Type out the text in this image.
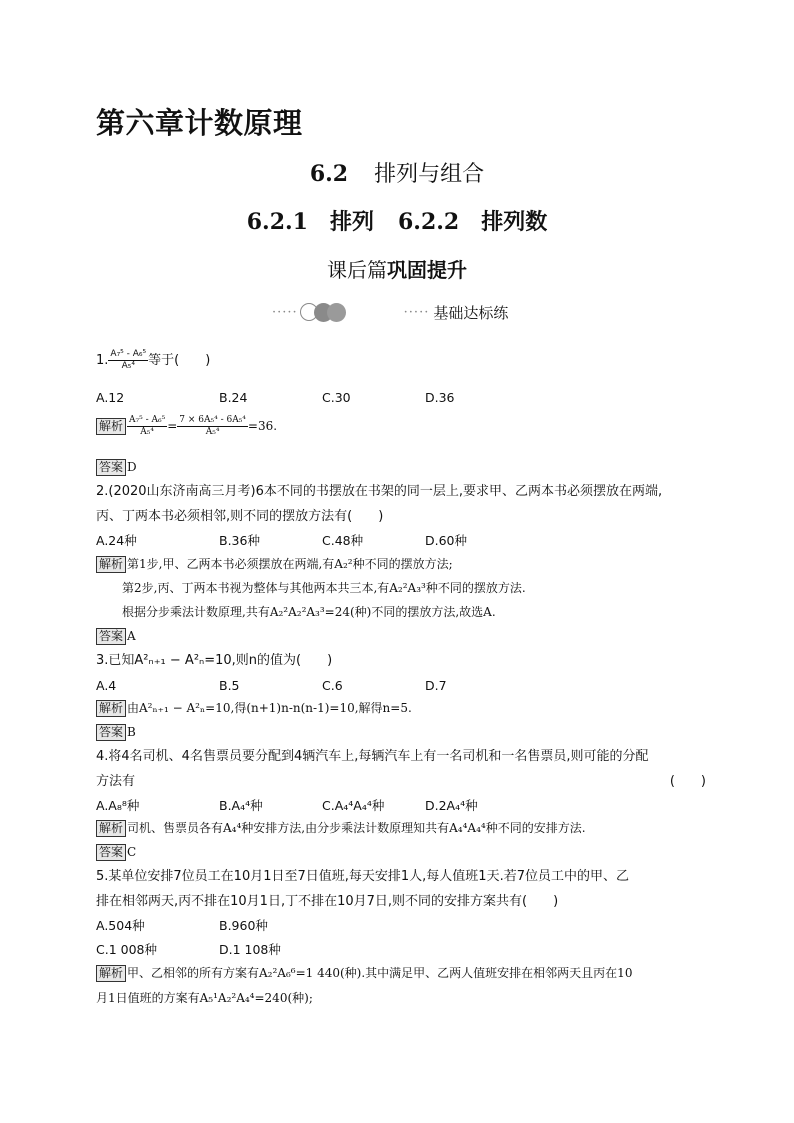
第六章计数原理
6.2 排列与组合
6.2.1　排列 6.2.2　排列数
课后篇巩固提升
·····	····· 基础达标练
1. $\frac{\text{A₇⁵ - A₆⁵}}{\text{A₅⁴}}$ 等于(　　)
A.12	B.24	C.30	D.36
解析 $\frac{\text{A₇⁵ - A₆⁵}}{\text{A₅⁴}} = \frac{\text{7 × 6A₅⁴ - 6A₅⁴}}{\text{A₅⁴}} =36$.
答案 D
2.(2020山东济南高三月考)6本不同的书摆放在书架的同一层上,要求甲、乙两本书必须摆放在两端,
丙、丁两本书必须相邻,则不同的摆放方法有(　　)
A.24种	B.36种	C.48种	D.60种
解析 第1步,甲、乙两本书必须摆放在两端,有A₂²种不同的摆放方法;
第2步,丙、丁两本书视为整体与其他两本共三本,有A₂²A₃³种不同的摆放方法.
根据分步乘法计数原理,共有A₂²A₂²A₃³=24(种)不同的摆放方法,故选A.
答案 A
3.已知A²ₙ₊₁ − A²ₙ=10,则n的值为(　　)
A.4	B.5	C.6	D.7
解析 由A²ₙ₊₁ − A²ₙ=10,得(n+1)n-n(n-1)=10,解得n=5.
答案 B
4.将4名司机、4名售票员要分配到4辆汽车上,每辆汽车上有一名司机和一名售票员,则可能的分配
方法有	(　　)
A.A₈⁸种	B.A₄⁴种	C.A₄⁴A₄⁴种	D.2A₄⁴种
解析 司机、售票员各有A₄⁴种安排方法,由分步乘法计数原理知共有A₄⁴A₄⁴种不同的安排方法.
答案 C
5.某单位安排7位员工在10月1日至7日值班,每天安排1人,每人值班1天.若7位员工中的甲、乙
排在相邻两天,丙不排在10月1日,丁不排在10月7日,则不同的安排方案共有(　　)
A.504种	B.960种
C.1 008种	D.1 108种
解析 甲、乙相邻的所有方案有A₂²A₆⁶=1 440(种).其中满足甲、乙两人值班安排在相邻两天且丙在10
月1日值班的方案有A₅¹A₂²A₄⁴=240(种);
